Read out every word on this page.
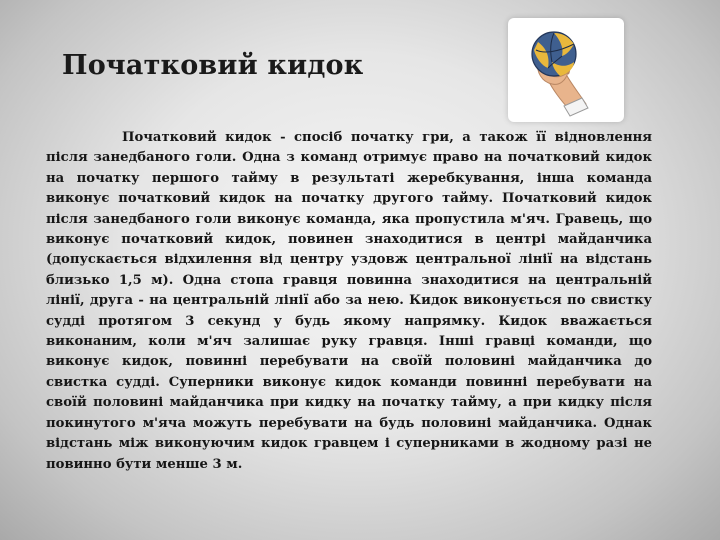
Початковий кидок

Початковий кидок - спосіб початку гри, а також її відновлення після занедбаного голи. Одна з команд отримує право на початковий кидок на початку першого тайму в результаті жеребкування, інша команда виконує початковий кидок на початку другого тайму. Початковий кидок після занедбаного голи виконує команда, яка пропустила м'яч. Гравець, що виконує початковий кидок, повинен знаходитися в центрі майданчика (допускається відхилення від центру уздовж центральної лінії на відстань близько 1,5 м). Одна стопа гравця повинна знаходитися на центральній лінії, друга - на центральній лінії або за нею. Кидок виконується по свистку судді протягом 3 секунд у будь якому напрямку. Кидок вважається виконаним, коли м'яч залишає руку гравця. Інші гравці команди, що виконує кидок, повинні перебувати на своїй половині майданчика до свистка судді. Суперники виконує кидок команди повинні перебувати на своїй половині майданчика при кидку на початку тайму, а при кидку після покинутого м'яча можуть перебувати на будь половині майданчика. Однак відстань між виконуючим кидок гравцем і суперниками в жодному разі не повинно бути менше 3 м.
